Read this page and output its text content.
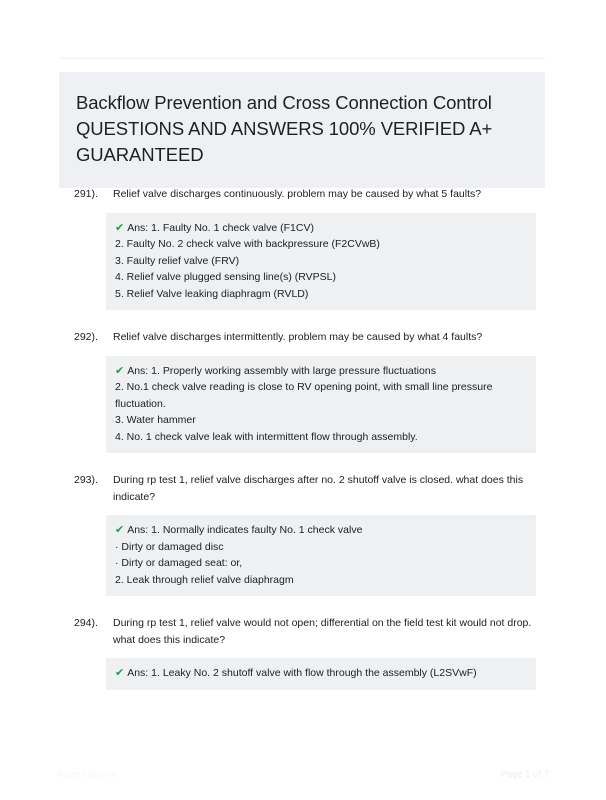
Backflow Prevention and Cross Connection Control QUESTIONS AND ANSWERS 100% VERIFIED A+ GUARANTEED
291).	Relief valve discharges continuously. problem may be caused by what 5 faults?
✔ Ans: 1. Faulty No. 1 check valve (F1CV)
2. Faulty No. 2 check valve with backpressure (F2CVwB)
3. Faulty relief valve (FRV)
4. Relief valve plugged sensing line(s) (RVPSL)
5. Relief Valve leaking diaphragm (RVLD)
292).	Relief valve discharges intermittently. problem may be caused by what 4 faults?
✔ Ans: 1. Properly working assembly with large pressure fluctuations
2. No.1 check valve reading is close to RV opening point, with small line pressure fluctuation.
3. Water hammer
4. No. 1 check valve leak with intermittent flow through assembly.
293).	During rp test 1, relief valve discharges after no. 2 shutoff valve is closed. what does this indicate?
✔ Ans: 1. Normally indicates faulty No. 1 check valve
· Dirty or damaged disc
· Dirty or damaged seat: or,
2. Leak through relief valve diaphragm
294).	During rp test 1, relief valve would not open; differential on the field test kit would not drop. what does this indicate?
✔ Ans: 1. Leaky No. 2 shutoff valve with flow through the assembly (L2SVwF)
PaperStic.com	Page 1 of 7
